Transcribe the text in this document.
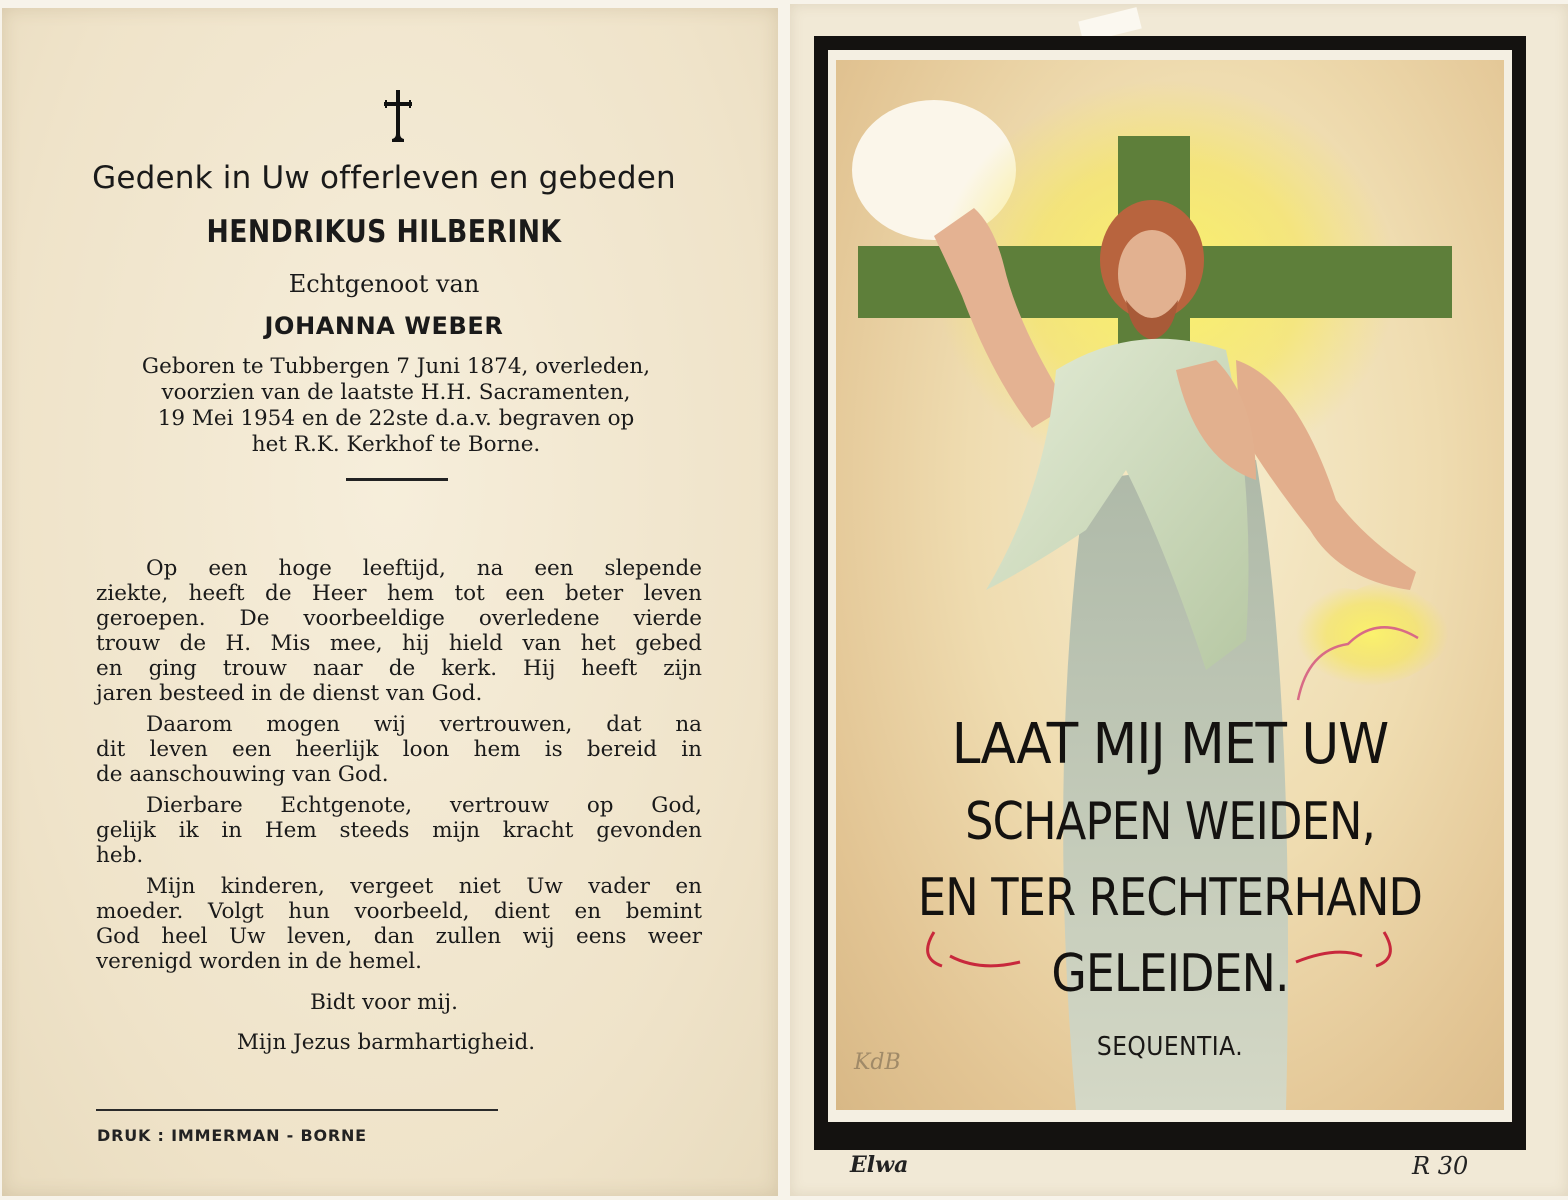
Gedenk in Uw offerleven en gebeden
HENDRIKUS HILBERINK
Echtgenoot van
JOHANNA WEBER
Geboren te Tubbergen 7 Juni 1874, overleden,
voorzien van de laatste H.H. Sacramenten,
19 Mei 1954 en de 22ste d.a.v. begraven op
het R.K. Kerkhof te Borne.
Op een hoge leeftijd, na een slepende
ziekte, heeft de Heer hem tot een beter leven
geroepen. De voorbeeldige overledene vierde
trouw de H. Mis mee, hij hield van het gebed
en ging trouw naar de kerk. Hij heeft zijn
jaren besteed in de dienst van God.
Daarom mogen wij vertrouwen, dat na
dit leven een heerlijk loon hem is bereid in
de aanschouwing van God.
Dierbare Echtgenote, vertrouw op God,
gelijk ik in Hem steeds mijn kracht gevonden
heb.
Mijn kinderen, vergeet niet Uw vader en
moeder. Volgt hun voorbeeld, dient en bemint
God heel Uw leven, dan zullen wij eens weer
verenigd worden in de hemel.
Bidt voor mij.
Mijn Jezus barmhartigheid.
DRUK : IMMERMAN - BORNE
LAAT MIJ MET UW
SCHAPEN WEIDEN,
EN TER RECHTERHAND
GELEIDEN.
SEQUENTIA.
KdB
Elwa	R 30
